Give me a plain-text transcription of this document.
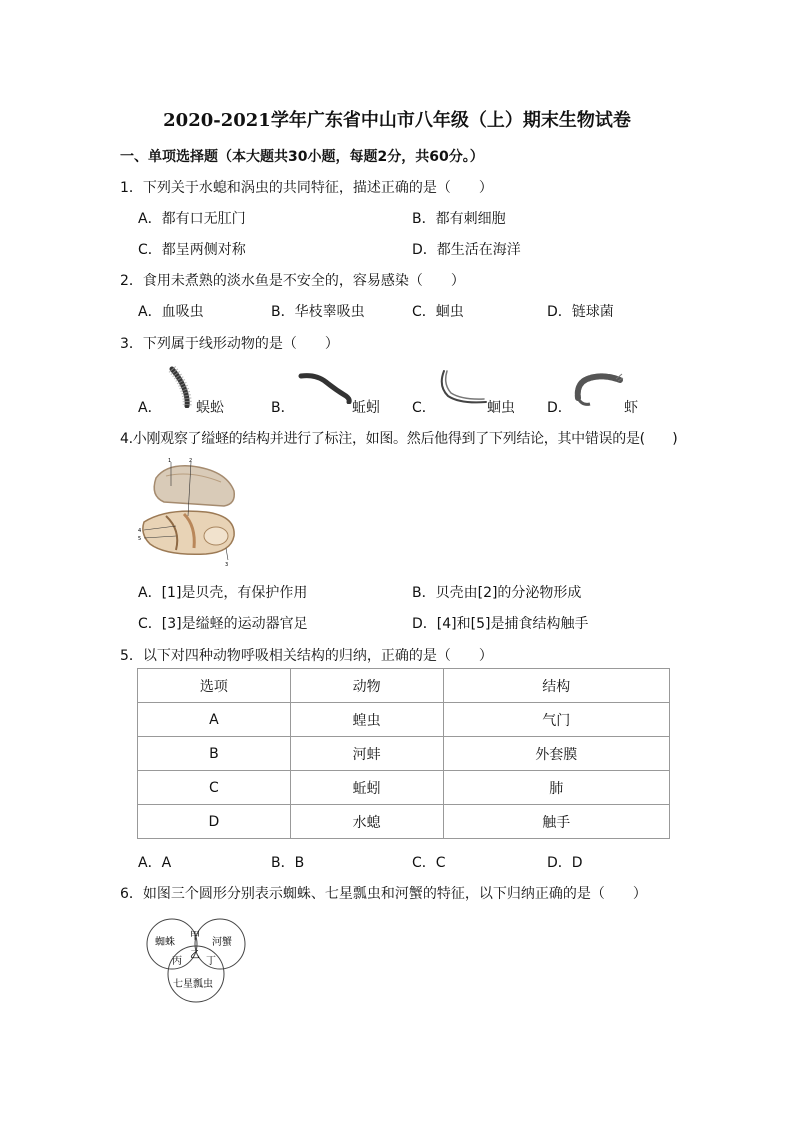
2020-2021学年广东省中山市八年级（上）期末生物试卷
一、单项选择题（本大题共30小题，每题2分，共60分。）
1．下列关于水螅和涡虫的共同特征，描述正确的是（　　）
A．都有口无肛门	B．都有刺细胞
C．都呈两侧对称	D．都生活在海洋
2．食用未煮熟的淡水鱼是不安全的，容易感染（　　）
A．血吸虫	B．华枝睾吸虫	C．蛔虫	D．链球菌
3．下列属于线形动物的是（　　）
A． 蜈蚣	B．	蚯蚓 C．	蛔虫 D．	虾
4.小刚观察了缢蛏的结构并进行了标注，如图。然后他得到了下列结论，其中错误的是(　　)
1	2
3
4
5
A．[1]是贝壳，有保护作用	B．贝壳由[2]的分泌物形成
C．[3]是缢蛏的运动器官足	D．[4]和[5]是捕食结构触手
5．以下对四种动物呼吸相关结构的归纳，正确的是（　　）
选项	动物	结构
A	蝗虫	气门
B	河蚌	外套膜
C	蚯蚓	肺
D	水螅	触手
A．A	B．B	C．C	D．D
6．如图三个圆形分别表示蜘蛛、七星瓢虫和河蟹的特征，以下归纳正确的是（　　）
蜘蛛	河蟹
七星瓢虫
甲
乙
丙 丁
